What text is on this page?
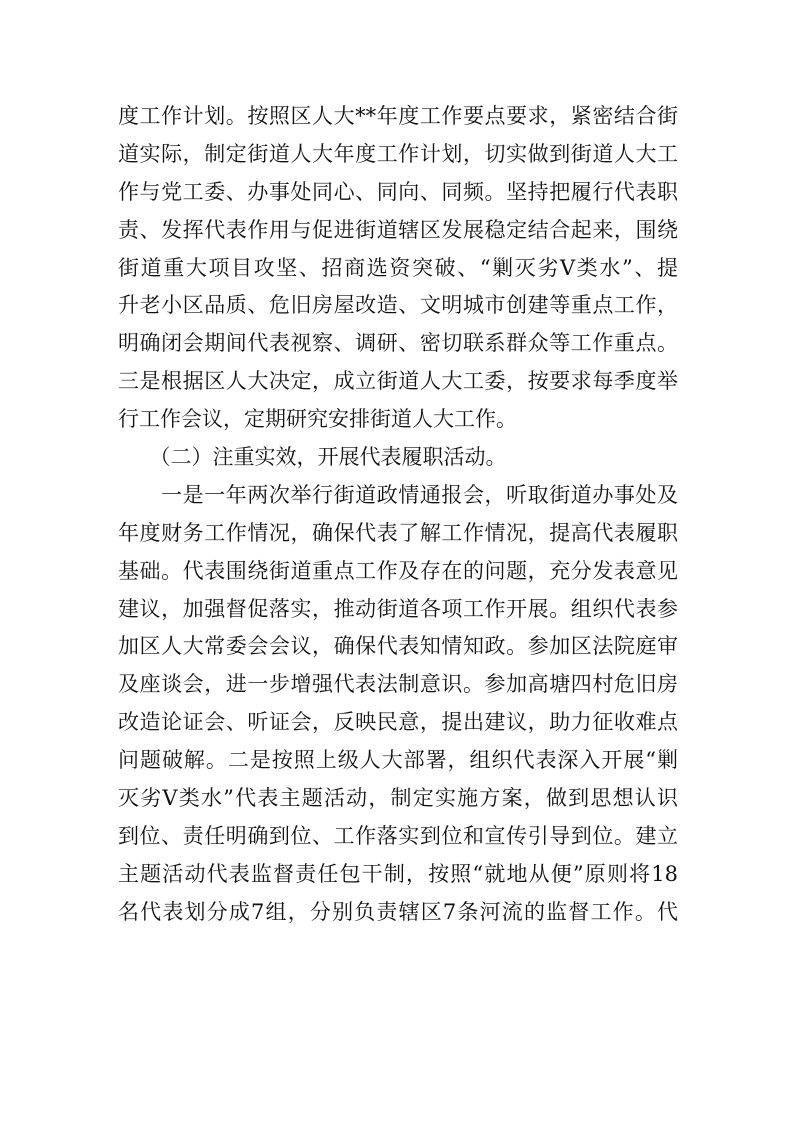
度工作计划。按照区人大**年度工作要点要求，紧密结合街
道实际，制定街道人大年度工作计划，切实做到街道人大工
作与党工委、办事处同心、同向、同频。坚持把履行代表职
责、发挥代表作用与促进街道辖区发展稳定结合起来，围绕
街道重大项目攻坚、招商选资突破、“剿灭劣Ⅴ类水”、提
升老小区品质、危旧房屋改造、文明城市创建等重点工作，
明确闭会期间代表视察、调研、密切联系群众等工作重点。
三是根据区人大决定，成立街道人大工委，按要求每季度举
行工作会议，定期研究安排街道人大工作。
　　（二）注重实效，开展代表履职活动。
　　一是一年两次举行街道政情通报会，听取街道办事处及
年度财务工作情况，确保代表了解工作情况，提高代表履职
基础。代表围绕街道重点工作及存在的问题，充分发表意见
建议，加强督促落实，推动街道各项工作开展。组织代表参
加区人大常委会会议，确保代表知情知政。参加区法院庭审
及座谈会，进一步增强代表法制意识。参加高塘四村危旧房
改造论证会、听证会，反映民意，提出建议，助力征收难点
问题破解。二是按照上级人大部署，组织代表深入开展“剿
灭劣Ⅴ类水”代表主题活动，制定实施方案，做到思想认识
到位、责任明确到位、工作落实到位和宣传引导到位。建立
主题活动代表监督责任包干制，按照“就地从便”原则将18
名代表划分成7组，分别负责辖区7条河流的监督工作。代
